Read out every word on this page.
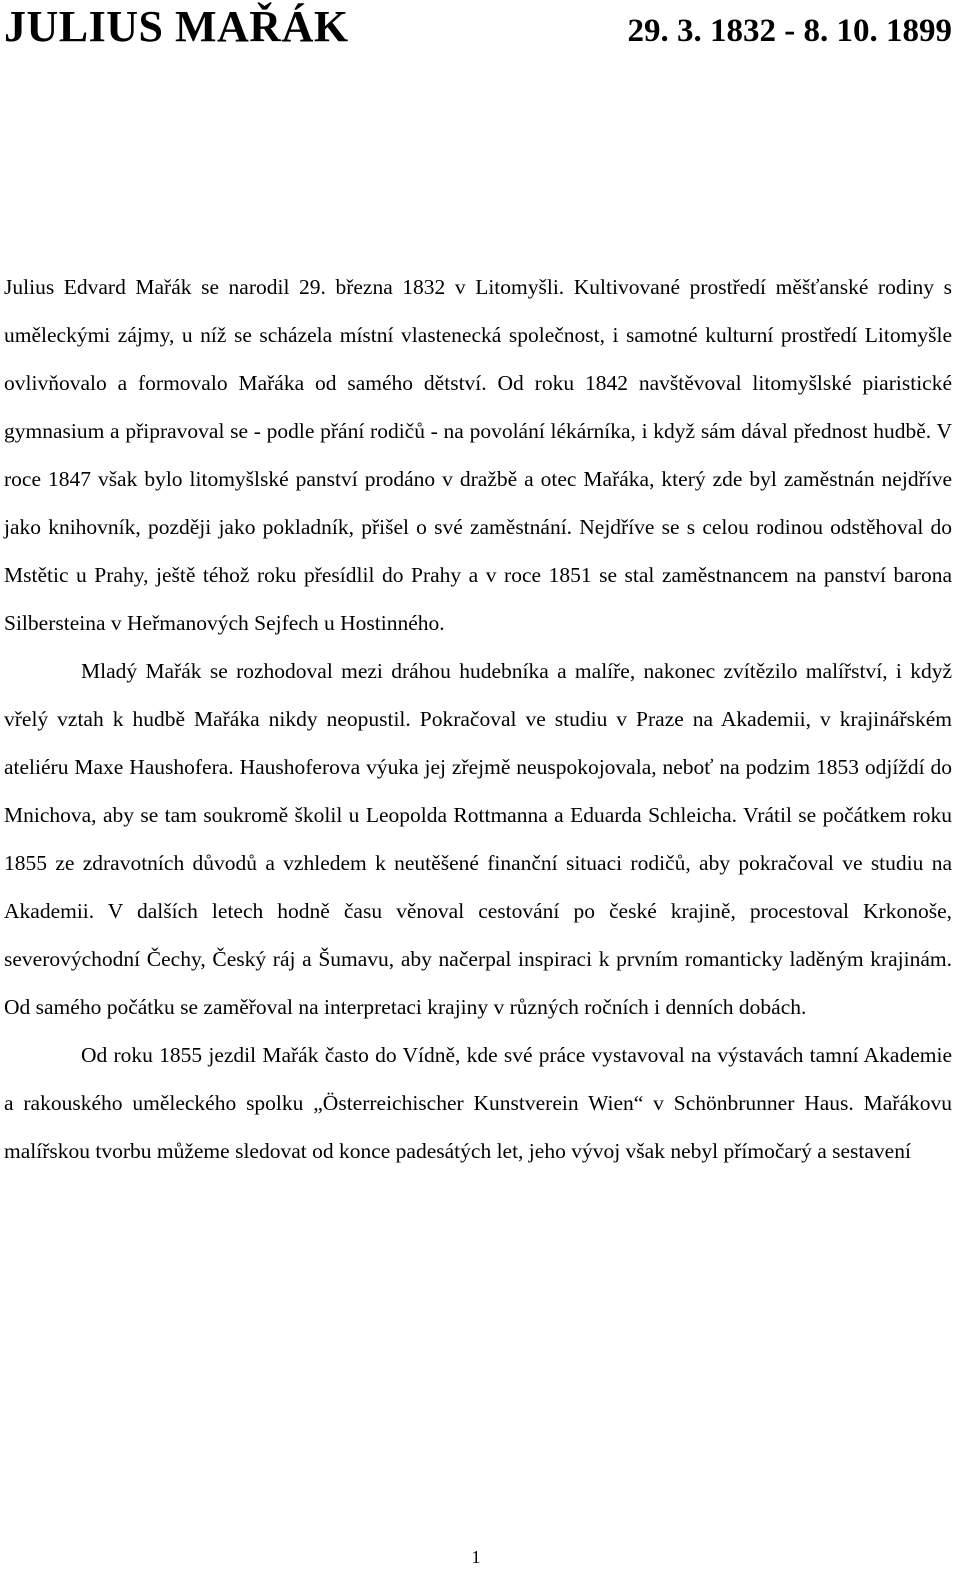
JULIUS MAŘÁK	29. 3. 1832 - 8. 10. 1899

Julius Edvard Mařák se narodil 29. března 1832 v Litomyšli. Kultivované prostředí měšťanské rodiny s uměleckými zájmy, u níž se scházela místní vlastenecká společnost, i samotné kulturní prostředí Litomyšle ovlivňovalo a formovalo Mařáka od samého dětství. Od roku 1842 navštěvoval litomyšlské piaristické gymnasium a připravoval se - podle přání rodičů - na povolání lékárníka, i když sám dával přednost hudbě. V roce 1847 však bylo litomyšlské panství prodáno v dražbě a otec Mařáka, který zde byl zaměstnán nejdříve jako knihovník, později jako pokladník, přišel o své zaměstnání. Nejdříve se s celou rodinou odstěhoval do Mstětic u Prahy, ještě téhož roku přesídlil do Prahy a v roce 1851 se stal zaměstnancem na panství barona Silbersteina v Heřmanových Sejfech u Hostinného.

Mladý Mařák se rozhodoval mezi dráhou hudebníka a malíře, nakonec zvítězilo malířství, i když vřelý vztah k hudbě Mařáka nikdy neopustil. Pokračoval ve studiu v Praze na Akademii, v krajinářském ateliéru Maxe Haushofera. Haushoferova výuka jej zřejmě neuspokojovala, neboť na podzim 1853 odjíždí do Mnichova, aby se tam soukromě školil u Leopolda Rottmanna a Eduarda Schleicha. Vrátil se počátkem roku 1855 ze zdravotních důvodů a vzhledem k neutěšené finanční situaci rodičů, aby pokračoval ve studiu na Akademii. V dalších letech hodně času věnoval cestování po české krajině, procestoval Krkonoše, severovýchodní Čechy, Český ráj a Šumavu, aby načerpal inspiraci k prvním romanticky laděným krajinám. Od samého počátku se zaměřoval na interpretaci krajiny v různých ročních i denních dobách.

Od roku 1855 jezdil Mařák často do Vídně, kde své práce vystavoval na výstavách tamní Akademie a rakouského uměleckého spolku „Österreichischer Kunstverein Wien“ v Schönbrunner Haus. Mařákovu malířskou tvorbu můžeme sledovat od konce padesátých let, jeho vývoj však nebyl přímočarý a sestavení

1
